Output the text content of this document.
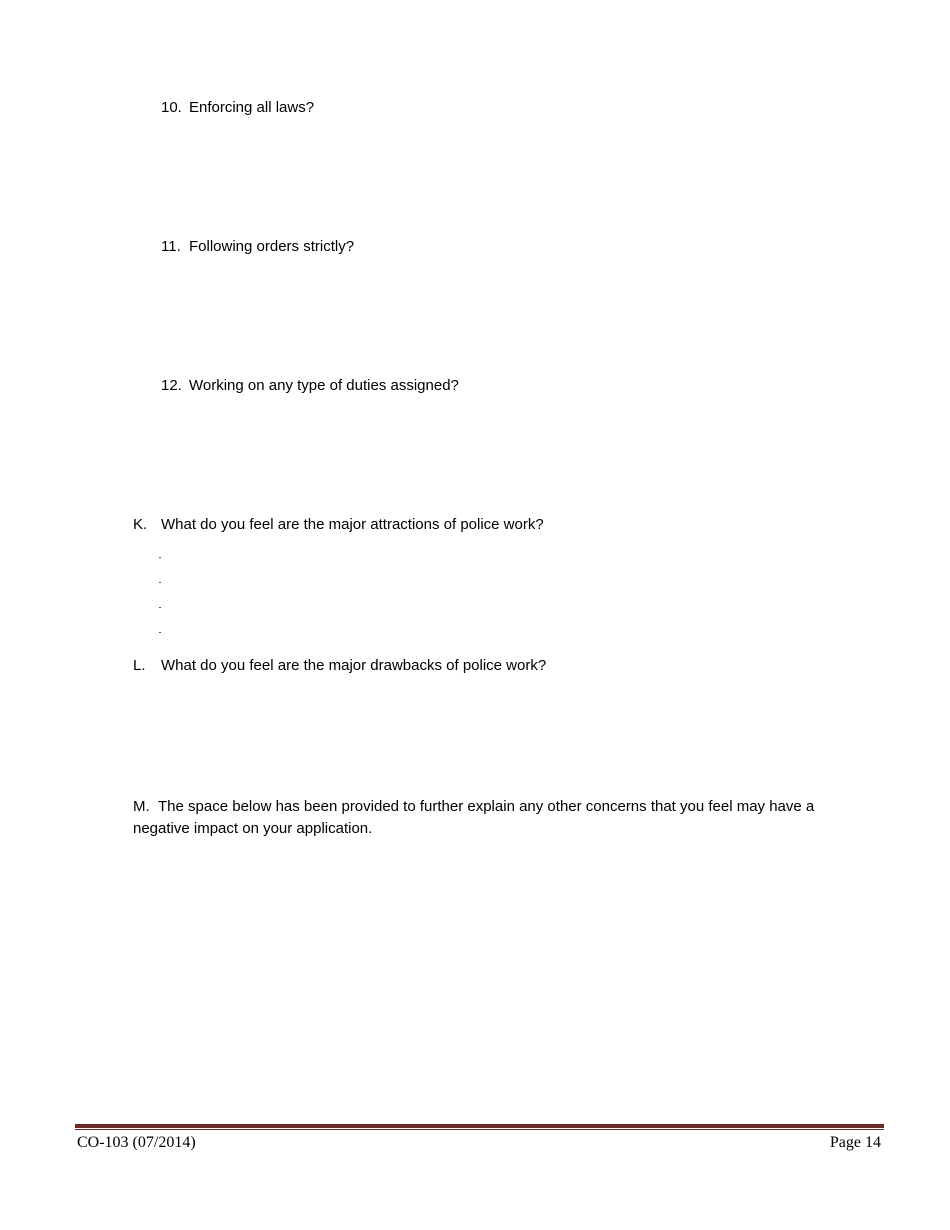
10. Enforcing all laws?
11. Following orders strictly?
12. Working on any type of duties assigned?
K. What do you feel are the major attractions of police work?
L. What do you feel are the major drawbacks of police work?
M. The space below has been provided to further explain any other concerns that you feel may have a negative impact on your application.
CO-103 (07/2014)	Page 14
